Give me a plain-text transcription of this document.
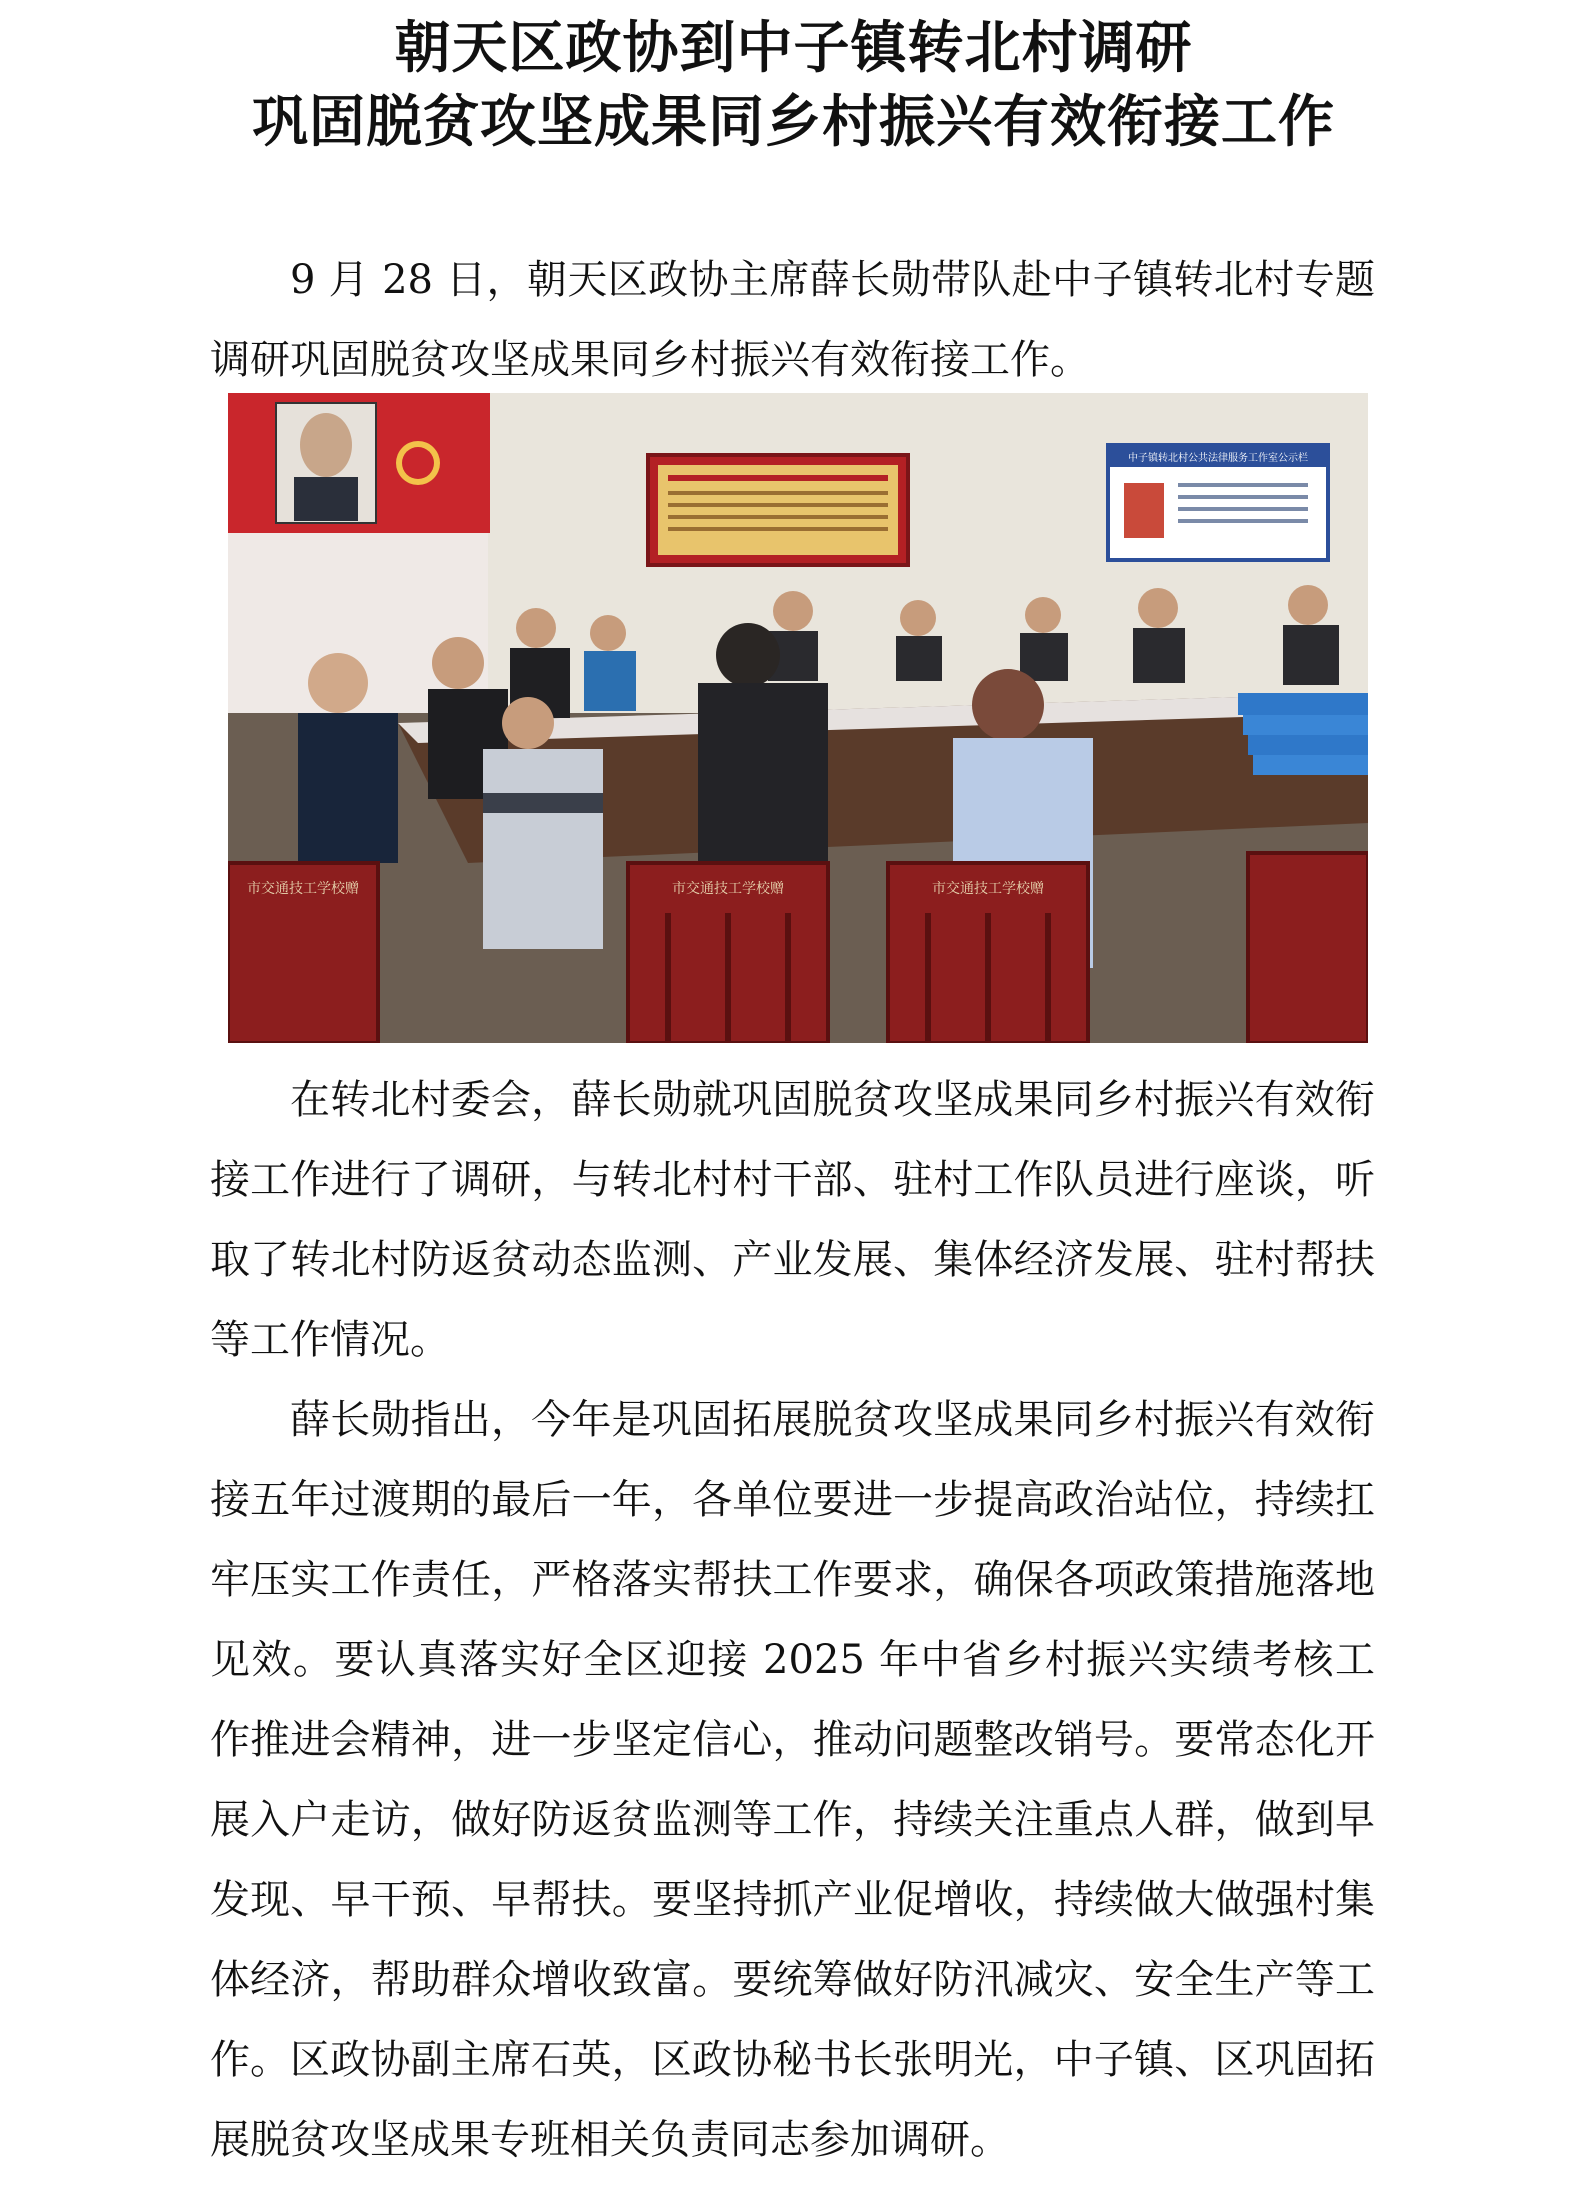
朝天区政协到中子镇转北村调研
巩固脱贫攻坚成果同乡村振兴有效衔接工作

9 月 28 日，朝天区政协主席薛长勋带队赴中子镇转北村专题调研巩固脱贫攻坚成果同乡村振兴有效衔接工作。

中子镇转北村公共法律服务工作室公示栏
市交通技工学校赠	市交通技工学校赠	市交通技工学校赠

在转北村委会，薛长勋就巩固脱贫攻坚成果同乡村振兴有效衔接工作进行了调研，与转北村村干部、驻村工作队员进行座谈，听取了转北村防返贫动态监测、产业发展、集体经济发展、驻村帮扶等工作情况。

薛长勋指出，今年是巩固拓展脱贫攻坚成果同乡村振兴有效衔接五年过渡期的最后一年，各单位要进一步提高政治站位，持续扛牢压实工作责任，严格落实帮扶工作要求，确保各项政策措施落地见效。要认真落实好全区迎接 2025 年中省乡村振兴实绩考核工作推进会精神，进一步坚定信心，推动问题整改销号。要常态化开展入户走访，做好防返贫监测等工作，持续关注重点人群，做到早发现、早干预、早帮扶。要坚持抓产业促增收，持续做大做强村集体经济，帮助群众增收致富。要统筹做好防汛减灾、安全生产等工作。 区政协副主席石英，区政协秘书长张明光，中子镇、区巩固拓展脱贫攻坚成果专班相关负责同志参加调研。
